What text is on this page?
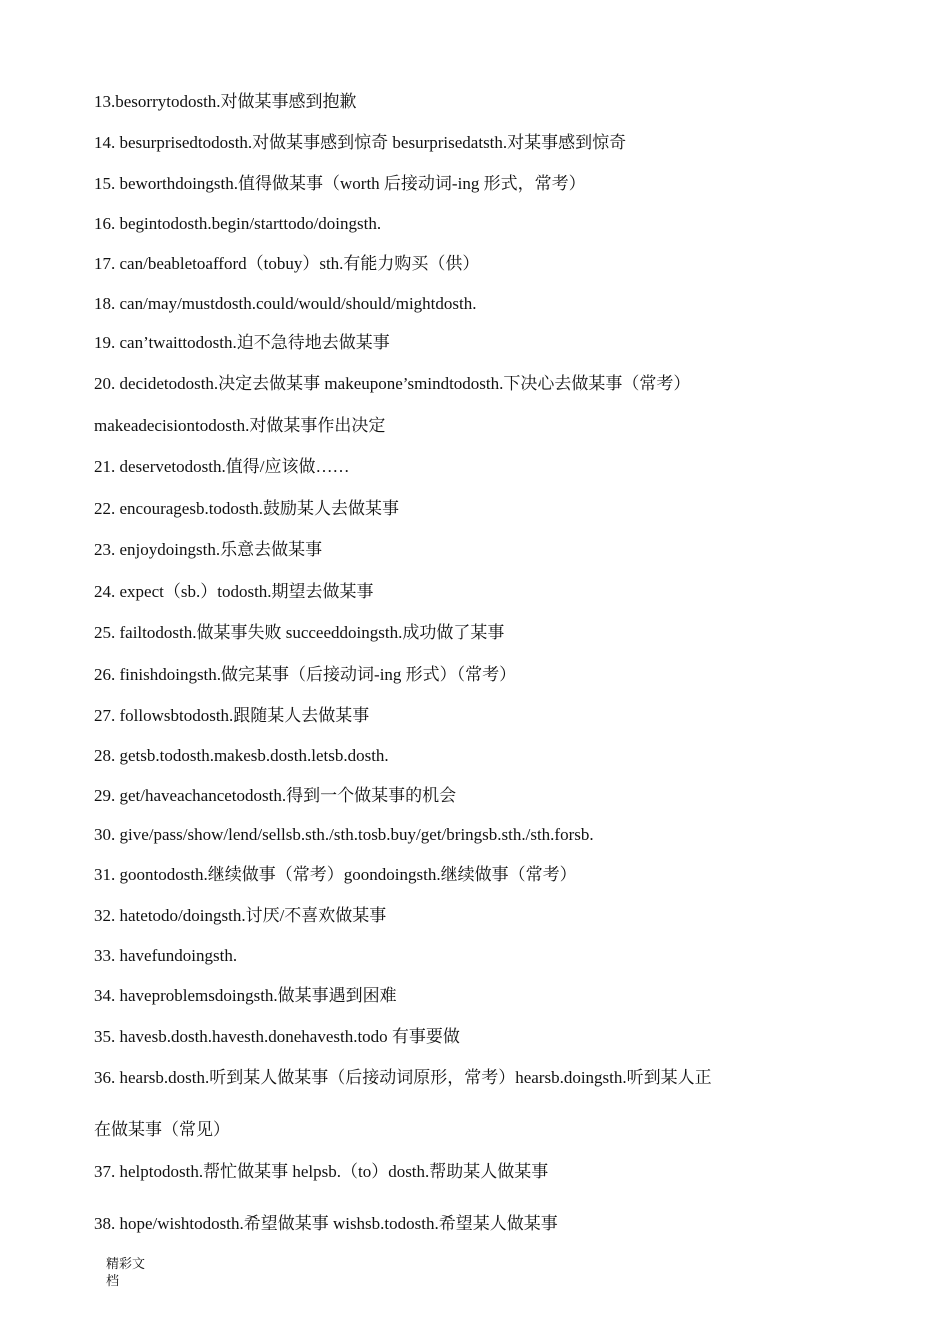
13.besorrytodosth.对做某事感到抱歉
14. besurprisedtodosth.对做某事感到惊奇 besurprisedatsth.对某事感到惊奇
15. beworthdoingsth.值得做某事（worth 后接动词-ing 形式，常考）
16. begintodosth.begin/starttodo/doingsth.
17. can/beabletoafford（tobuy）sth.有能力购买（供）
18. can/may/mustdosth.could/would/should/mightdosth.
19. can’twaittodosth.迫不急待地去做某事
20. decidetodosth.决定去做某事 makeupone’smindtodosth.下决心去做某事（常考）
makeadecisiontodosth.对做某事作出决定
21. deservetodosth.值得/应该做……
22. encouragesb.todosth.鼓励某人去做某事
23. enjoydoingsth.乐意去做某事
24. expect（sb.）todosth.期望去做某事
25. failtodosth.做某事失败 succeeddoingsth.成功做了某事
26. finishdoingsth.做完某事（后接动词-ing 形式）（常考）
27. followsbtodosth.跟随某人去做某事
28. getsb.todosth.makesb.dosth.letsb.dosth.
29. get/haveachancetodosth.得到一个做某事的机会
30. give/pass/show/lend/sellsb.sth./sth.tosb.buy/get/bringsb.sth./sth.forsb.
31. goontodosth.继续做事（常考）goondoingsth.继续做事（常考）
32. hatetodo/doingsth.讨厌/不喜欢做某事
33. havefundoingsth.
34. haveproblemsdoingsth.做某事遇到困难
35. havesb.dosth.havesth.donehavesth.todo 有事要做
36. hearsb.dosth.听到某人做某事（后接动词原形，常考）hearsb.doingsth.听到某人正
在做某事（常见）
37. helptodosth.帮忙做某事 helpsb.（to）dosth.帮助某人做某事
38. hope/wishtodosth.希望做某事 wishsb.todosth.希望某人做某事
精彩文档
